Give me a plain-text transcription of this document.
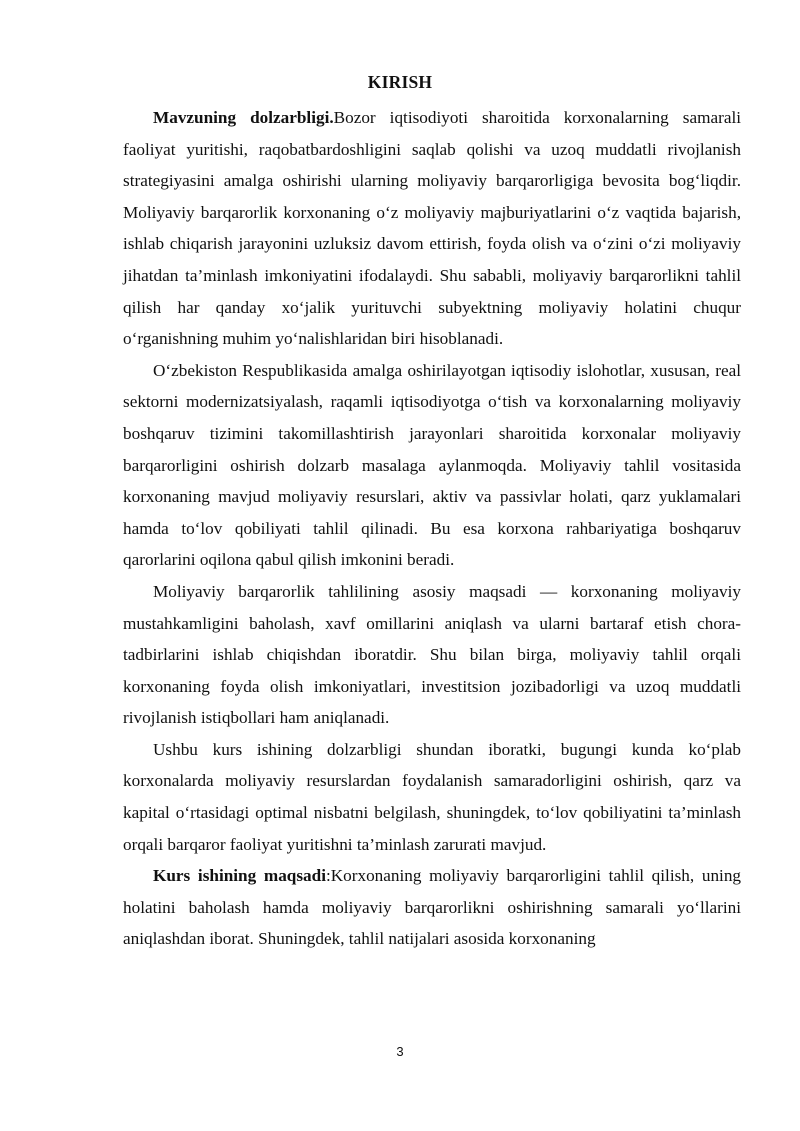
KIRISH

Mavzuning dolzarbligi.Bozor iqtisodiyoti sharoitida korxonalarning samarali faoliyat yuritishi, raqobatbardoshligini saqlab qolishi va uzoq muddatli rivojlanish strategiyasini amalga oshirishi ularning moliyaviy barqarorligiga bevosita bog‘liqdir. Moliyaviy barqarorlik korxonaning o‘z moliyaviy majburiyatlarini o‘z vaqtida bajarish, ishlab chiqarish jarayonini uzluksiz davom ettirish, foyda olish va o‘zini o‘zi moliyaviy jihatdan ta’minlash imkoniyatini ifodalaydi. Shu sababli, moliyaviy barqarorlikni tahlil qilish har qanday xo‘jalik yurituvchi subyektning moliyaviy holatini chuqur o‘rganishning muhim yo‘nalishlaridan biri hisoblanadi.

O‘zbekiston Respublikasida amalga oshirilayotgan iqtisodiy islohotlar, xususan, real sektorni modernizatsiyalash, raqamli iqtisodiyotga o‘tish va korxonalarning moliyaviy boshqaruv tizimini takomillashtirish jarayonlari sharoitida korxonalar moliyaviy barqarorligini oshirish dolzarb masalaga aylanmoqda. Moliyaviy tahlil vositasida korxonaning mavjud moliyaviy resurslari, aktiv va passivlar holati, qarz yuklamalari hamda to‘lov qobiliyati tahlil qilinadi. Bu esa korxona rahbariyatiga boshqaruv qarorlarini oqilona qabul qilish imkonini beradi.

Moliyaviy barqarorlik tahlilining asosiy maqsadi — korxonaning moliyaviy mustahkamligini baholash, xavf omillarini aniqlash va ularni bartaraf etish chora-tadbirlarini ishlab chiqishdan iboratdir. Shu bilan birga, moliyaviy tahlil orqali korxonaning foyda olish imkoniyatlari, investitsion jozibadorligi va uzoq muddatli rivojlanish istiqbollari ham aniqlanadi.

Ushbu kurs ishining dolzarbligi shundan iboratki, bugungi kunda ko‘plab korxonalarda moliyaviy resurslardan foydalanish samaradorligini oshirish, qarz va kapital o‘rtasidagi optimal nisbatni belgilash, shuningdek, to‘lov qobiliyatini ta’minlash orqali barqaror faoliyat yuritishni ta’minlash zarurati mavjud.

Kurs ishining maqsadi:Korxonaning moliyaviy barqarorligini tahlil qilish, uning holatini baholash hamda moliyaviy barqarorlikni oshirishning samarali yo‘llarini aniqlashdan iborat. Shuningdek, tahlil natijalari asosida korxonaning

3
